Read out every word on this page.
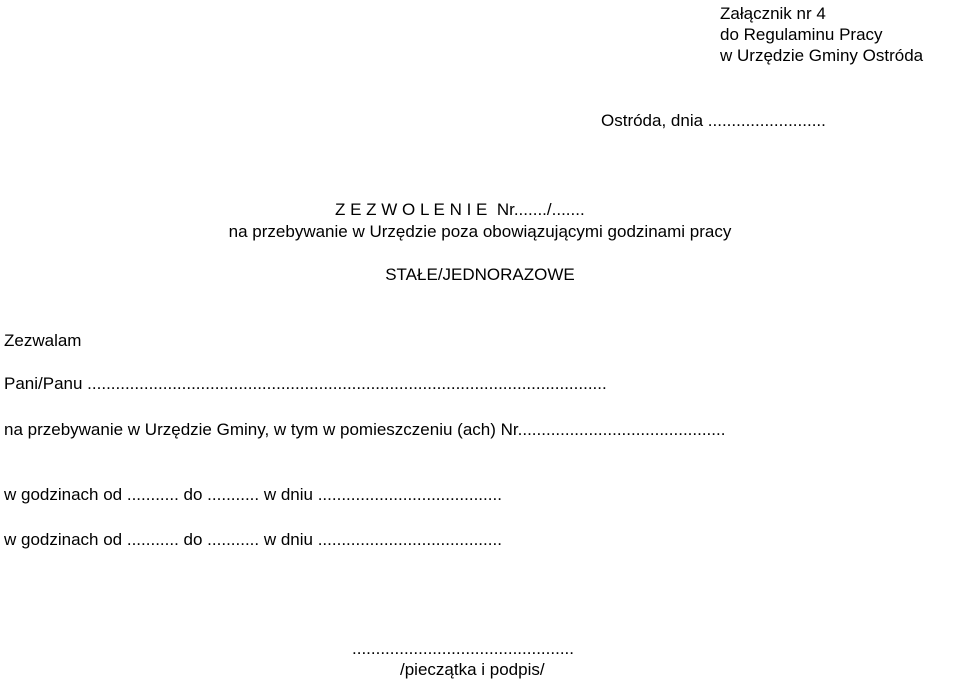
Załącznik nr 4

do Regulaminu Pracy

w Urzędzie Gminy Ostróda

Ostróda, dnia .........................

Z E Z W O L E N I E  Nr......./.......

na przebywanie w Urzędzie poza obowiązującymi godzinami pracy

STAŁE/JEDNORAZOWE

Zezwalam

Pani/Panu ..............................................................................................................

na przebywanie w Urzędzie Gminy, w tym w pomieszczeniu (ach) Nr............................................

w godzinach od ........... do ........... w dniu .......................................

w godzinach od ........... do ........... w dniu .......................................

...............................................

/pieczątka i podpis/
